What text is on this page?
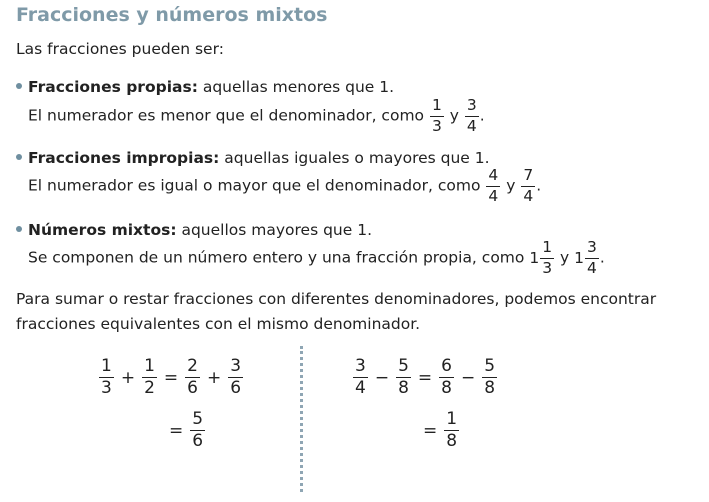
Fracciones y números mixtos
Las fracciones pueden ser:
Fracciones propias: aquellas menores que 1.
El numerador es menor que el denominador, como $\frac{1}{3}$ y $\frac{3}{4}$ .
Fracciones impropias: aquellas iguales o mayores que 1.
El numerador es igual o mayor que el denominador, como $\frac{4}{4}$ y $\frac{7}{4}$ .
Números mixtos: aquellos mayores que 1.
Se componen de un número entero y una fracción propia, como $1 \frac{1}{3}$ y $1 \frac{3}{4}$ .
Para sumar o restar fracciones con diferentes denominadores, podemos encontrar
fracciones equivalentes con el mismo denominador.
$\frac{1}{3} + \frac{1}{2} = \frac{2}{6} + \frac{3}{6}$
= $\frac{5}{6}$
$\frac{3}{4} - \frac{5}{8} = \frac{6}{8} - \frac{5}{8}$
= $\frac{1}{8}$
